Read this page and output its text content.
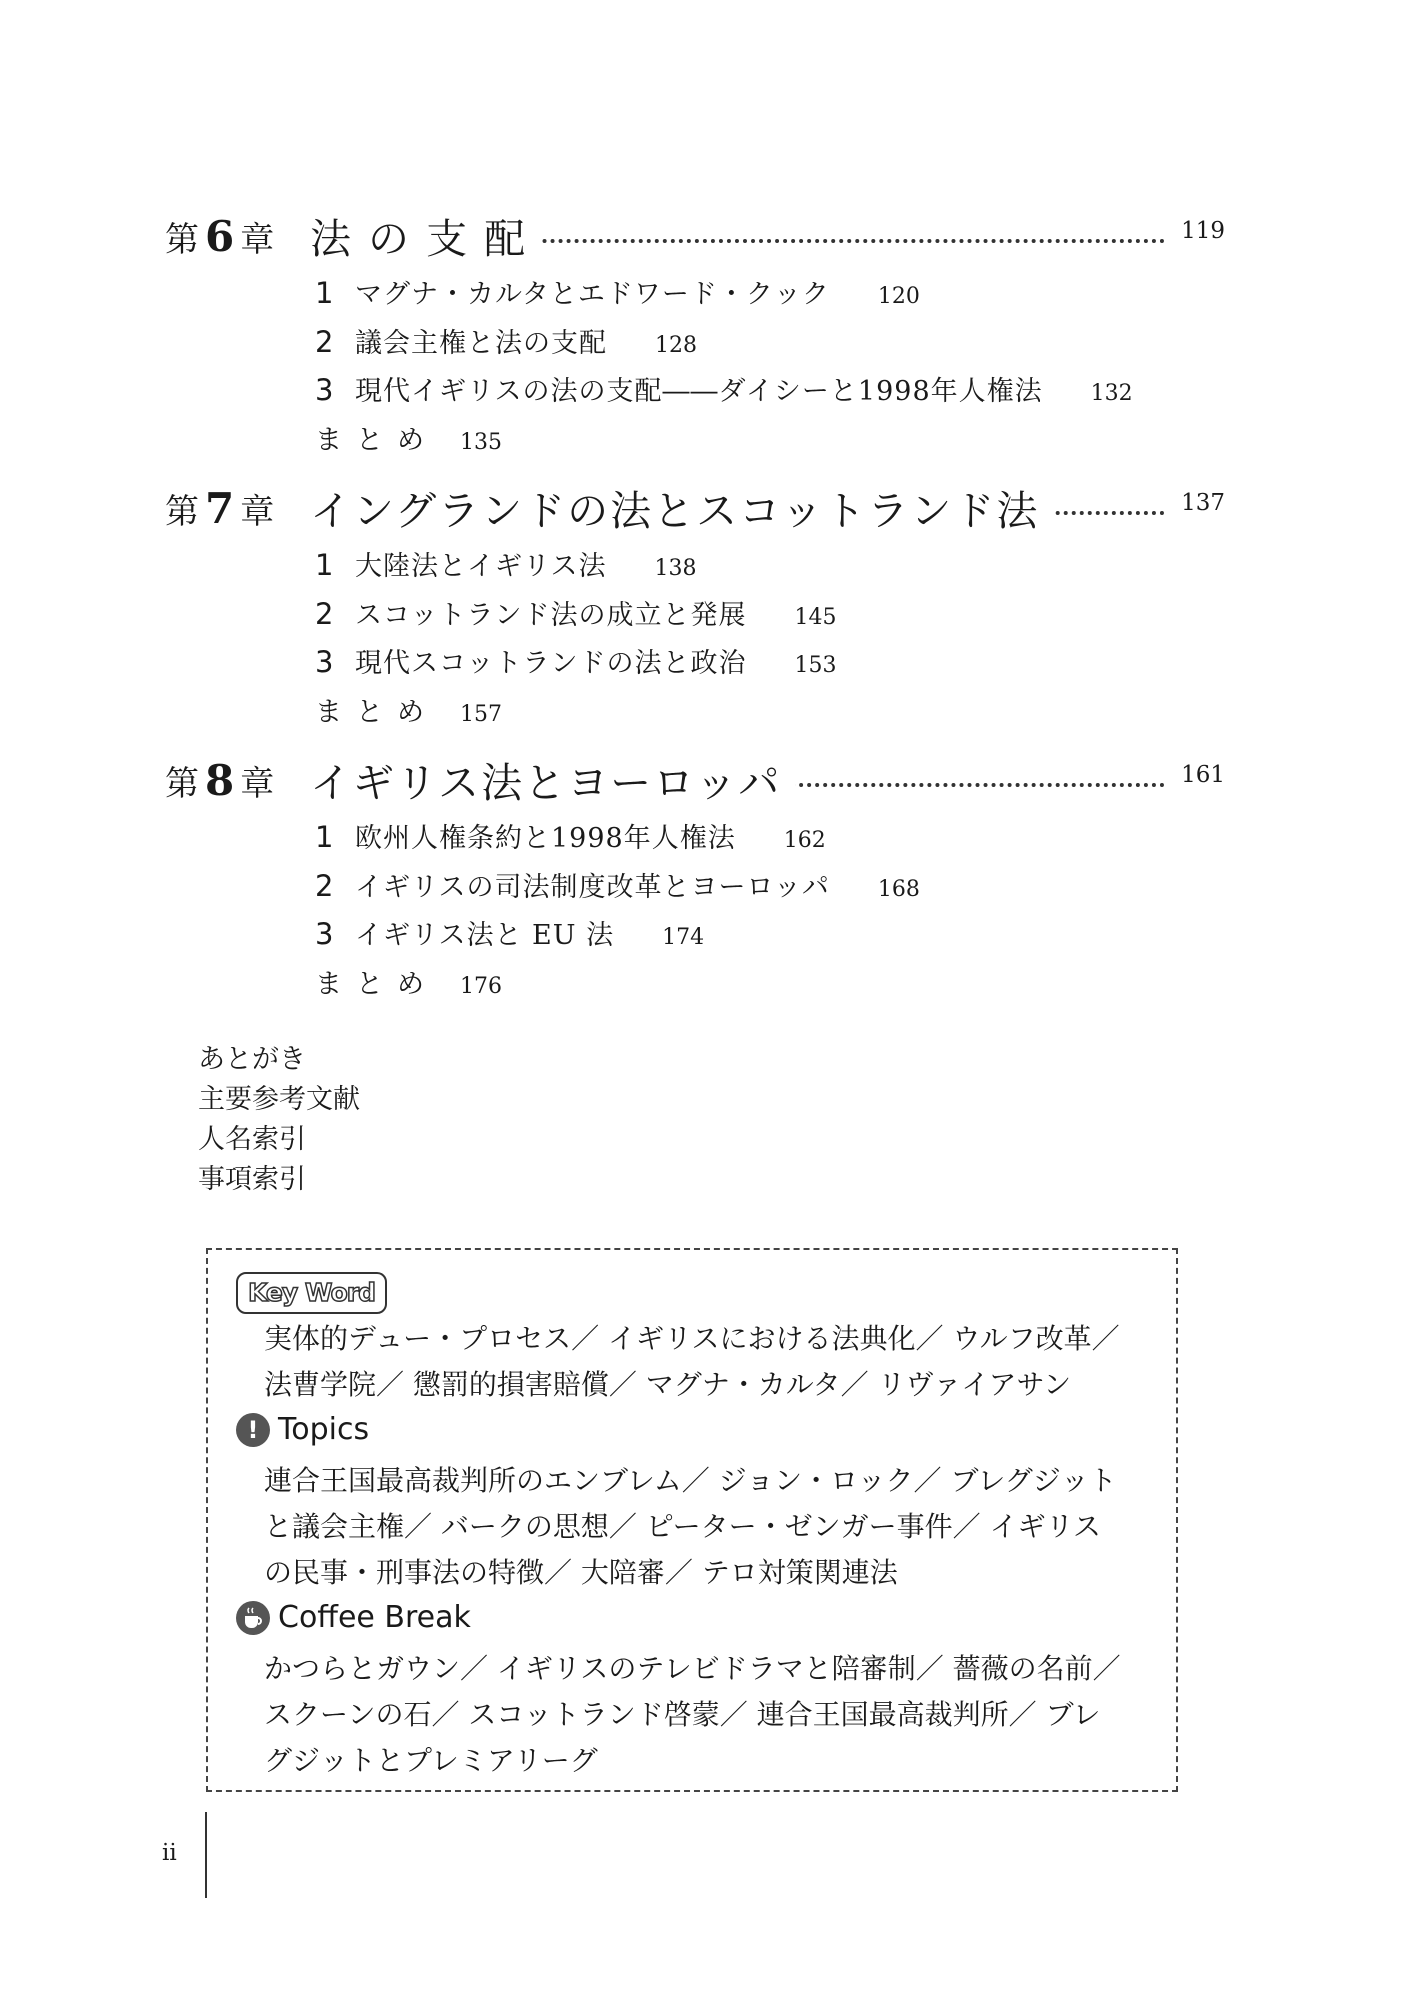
第 6 章 法 の 支 配	119
1 マグナ・カルタとエドワード・クック 120
2 議会主権と法の支配 128
3 現代イギリスの法の支配――ダイシーと1998年人権法 132
まとめ 135
第 7 章 イングランドの法とスコットランド法	137
1 大陸法とイギリス法 138
2 スコットランド法の成立と発展 145
3 現代スコットランドの法と政治 153
まとめ 157
第 8 章 イギリス法とヨーロッパ	161
1 欧州人権条約と1998年人権法 162
2 イギリスの司法制度改革とヨーロッパ 168
3 イギリス法と EU 法 174
まとめ 176
あとがき
主要参考文献
人名索引
事項索引
Key Word
実体的デュー・プロセス／ イギリスにおける法典化／ ウルフ改革／
法曹学院／ 懲罰的損害賠償／ マグナ・カルタ／ リヴァイアサン
! Topics
連合王国最高裁判所のエンブレム／ ジョン・ロック／ ブレグジット
と議会主権／ バークの思想／ ピーター・ゼンガー事件／ イギリス
の民事・刑事法の特徴／ 大陪審／ テロ対策関連法
Coffee Break
かつらとガウン／ イギリスのテレビドラマと陪審制／ 薔薇の名前／
スクーンの石／ スコットランド啓蒙／ 連合王国最高裁判所／ ブレ
グジットとプレミアリーグ
ii
